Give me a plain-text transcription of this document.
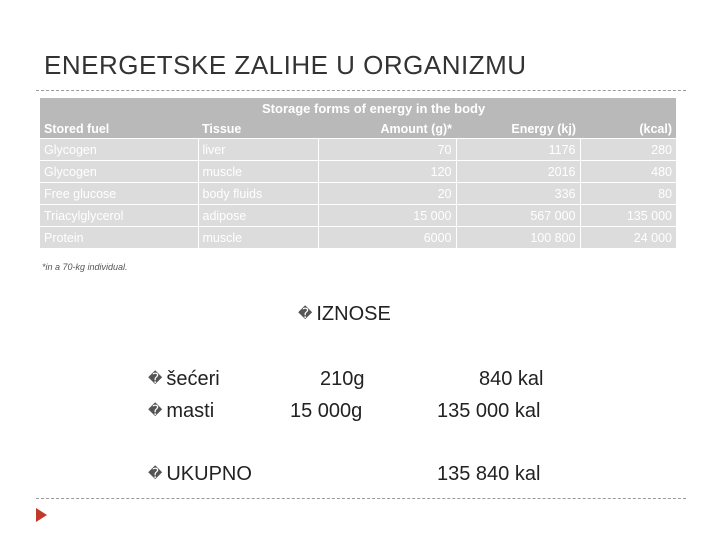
ENERGETSKE ZALIHE U ORGANIZMU
Storage forms of energy in the body
Stored fuel	Tissue	Amount (g)*	Energy (kj)	(kcal)
Glycogen	liver	70	1176	280
Glycogen	muscle	120	2016	480
Free glucose	body fluids	20	336	80
Triacylglycerol	adipose	15 000	567 000	135 000
Protein	muscle	6000	100 800	24 000
*in a 70-kg individual.
� IZNOSE
� šećeri	210g	840 kal
� masti	15 000g	135 000 kal
� UKUPNO	135 840 kal
